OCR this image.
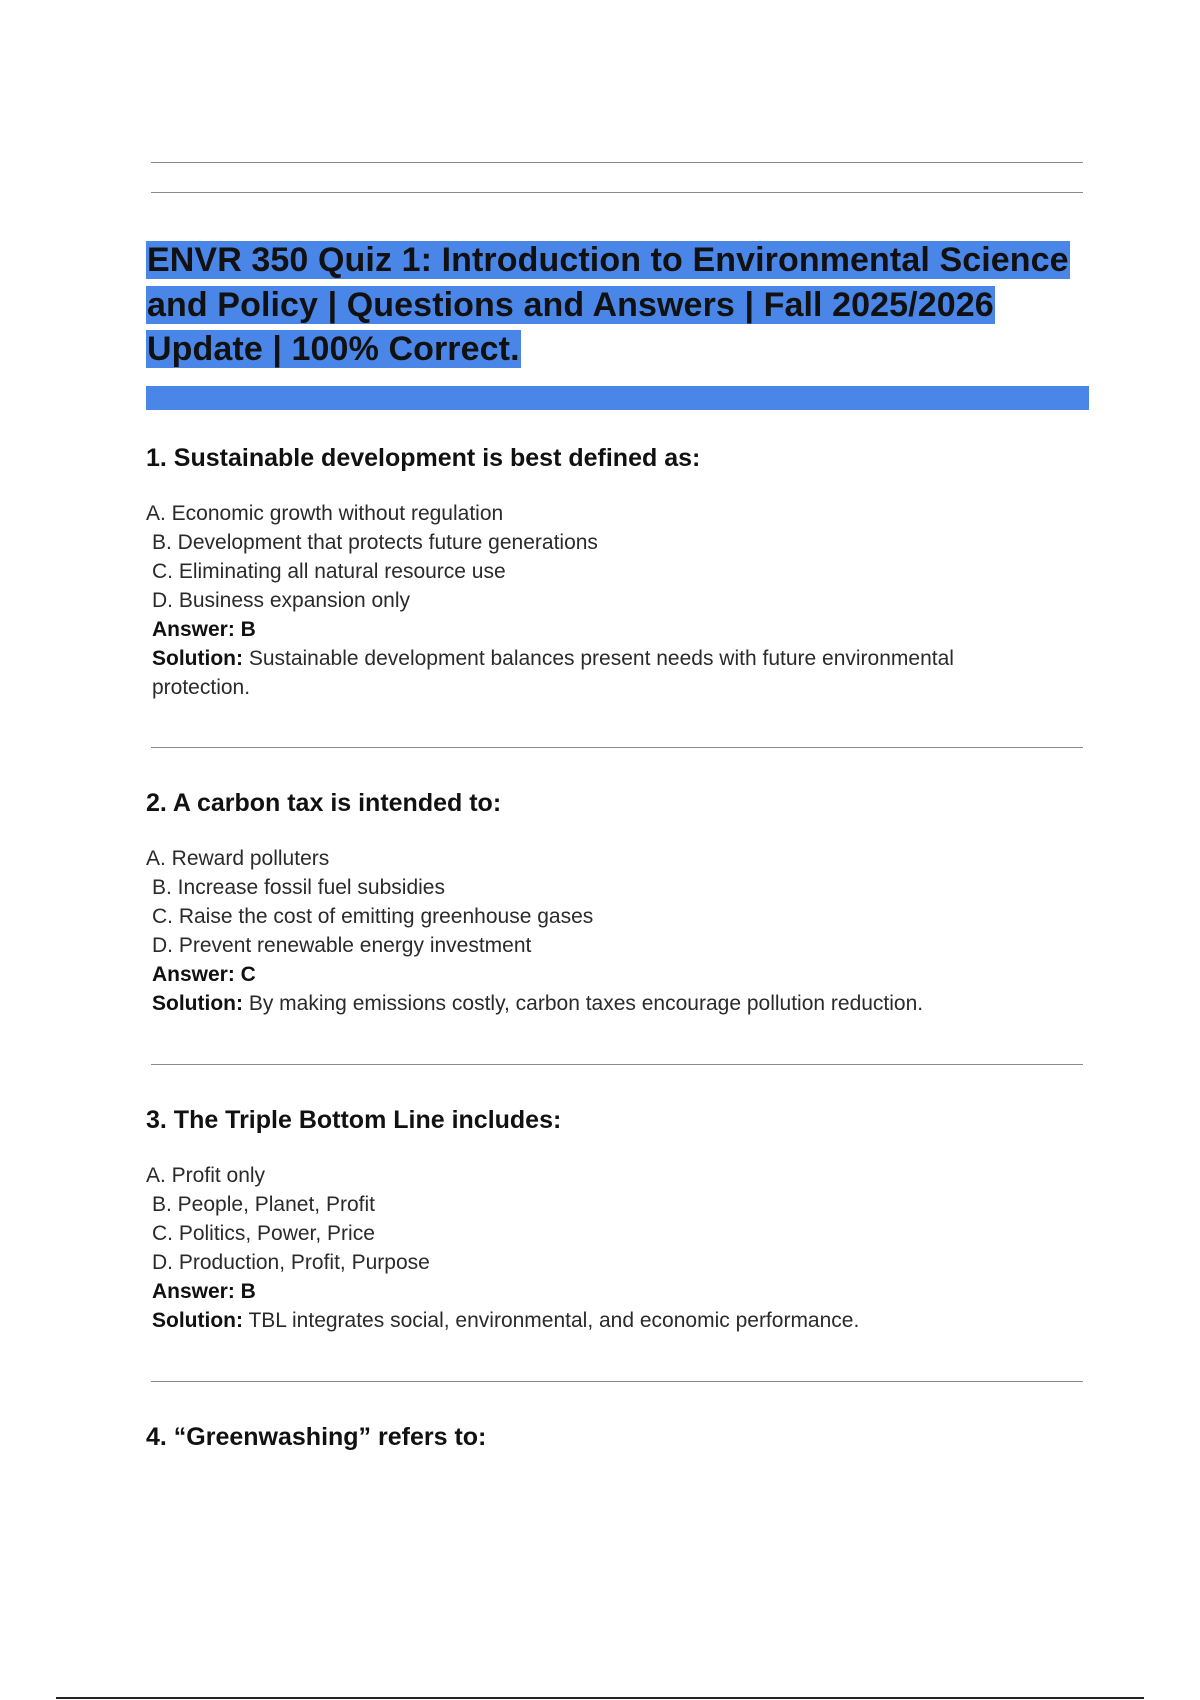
ENVR 350 Quiz 1: Introduction to Environmental Science and Policy | Questions and Answers | Fall 2025/2026 Update | 100% Correct.
1. Sustainable development is best defined as:
A. Economic growth without regulation
B. Development that protects future generations
C. Eliminating all natural resource use
D. Business expansion only
Answer: B
Solution: Sustainable development balances present needs with future environmental protection.
2. A carbon tax is intended to:
A. Reward polluters
B. Increase fossil fuel subsidies
C. Raise the cost of emitting greenhouse gases
D. Prevent renewable energy investment
Answer: C
Solution: By making emissions costly, carbon taxes encourage pollution reduction.
3. The Triple Bottom Line includes:
A. Profit only
B. People, Planet, Profit
C. Politics, Power, Price
D. Production, Profit, Purpose
Answer: B
Solution: TBL integrates social, environmental, and economic performance.
4. “Greenwashing” refers to:
